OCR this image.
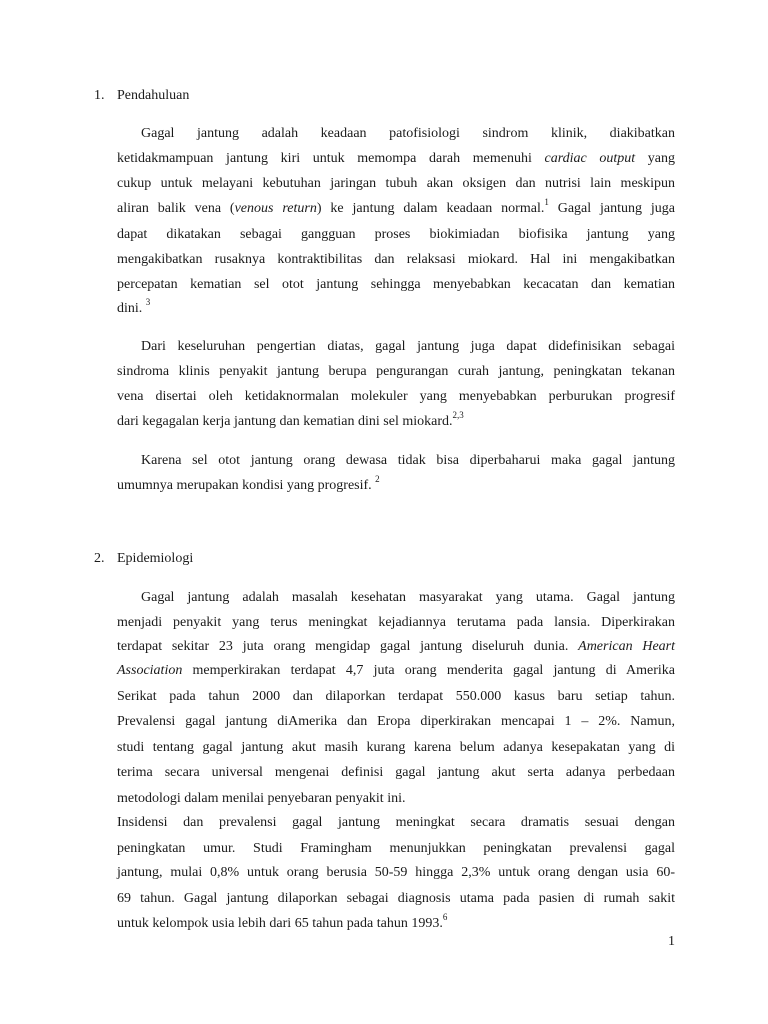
1. Pendahuluan
Gagal jantung adalah keadaan patofisiologi sindrom klinik, diakibatkan
ketidakmampuan jantung kiri untuk memompa darah memenuhi cardiac output yang
cukup untuk melayani kebutuhan jaringan tubuh akan oksigen dan nutrisi lain meskipun
aliran balik vena (venous return) ke jantung dalam keadaan normal.$^1$ Gagal jantung juga
dapat dikatakan sebagai gangguan proses biokimiadan biofisika jantung yang
mengakibatkan rusaknya kontraktibilitas dan relaksasi miokard. Hal ini mengakibatkan
percepatan kematian sel otot jantung sehingga menyebabkan kecacatan dan kematian
dini. $^3$
Dari keseluruhan pengertian diatas, gagal jantung juga dapat didefinisikan sebagai
sindroma klinis penyakit jantung berupa pengurangan curah jantung, peningkatan tekanan
vena disertai oleh ketidaknormalan molekuler yang menyebabkan perburukan progresif
dari kegagalan kerja jantung dan kematian dini sel miokard.$^{2,3}$
Karena sel otot jantung orang dewasa tidak bisa diperbaharui maka gagal jantung
umumnya merupakan kondisi yang progresif. $^2$
2. Epidemiologi
Gagal jantung adalah masalah kesehatan masyarakat yang utama. Gagal jantung
menjadi penyakit yang terus meningkat kejadiannya terutama pada lansia. Diperkirakan
terdapat sekitar 23 juta orang mengidap gagal jantung diseluruh dunia. American Heart
Association memperkirakan terdapat 4,7 juta orang menderita gagal jantung di Amerika
Serikat pada tahun 2000 dan dilaporkan terdapat 550.000 kasus baru setiap tahun.
Prevalensi gagal jantung diAmerika dan Eropa diperkirakan mencapai 1 – 2%. Namun,
studi tentang gagal jantung akut masih kurang karena belum adanya kesepakatan yang di
terima secara universal mengenai definisi gagal jantung akut serta adanya perbedaan
metodologi dalam menilai penyebaran penyakit ini.
Insidensi dan prevalensi gagal jantung meningkat secara dramatis sesuai dengan
peningkatan umur. Studi Framingham menunjukkan peningkatan prevalensi gagal
jantung, mulai 0,8% untuk orang berusia 50-59 hingga 2,3% untuk orang dengan usia 60-
69 tahun. Gagal jantung dilaporkan sebagai diagnosis utama pada pasien di rumah sakit
untuk kelompok usia lebih dari 65 tahun pada tahun 1993.$^6$
1
